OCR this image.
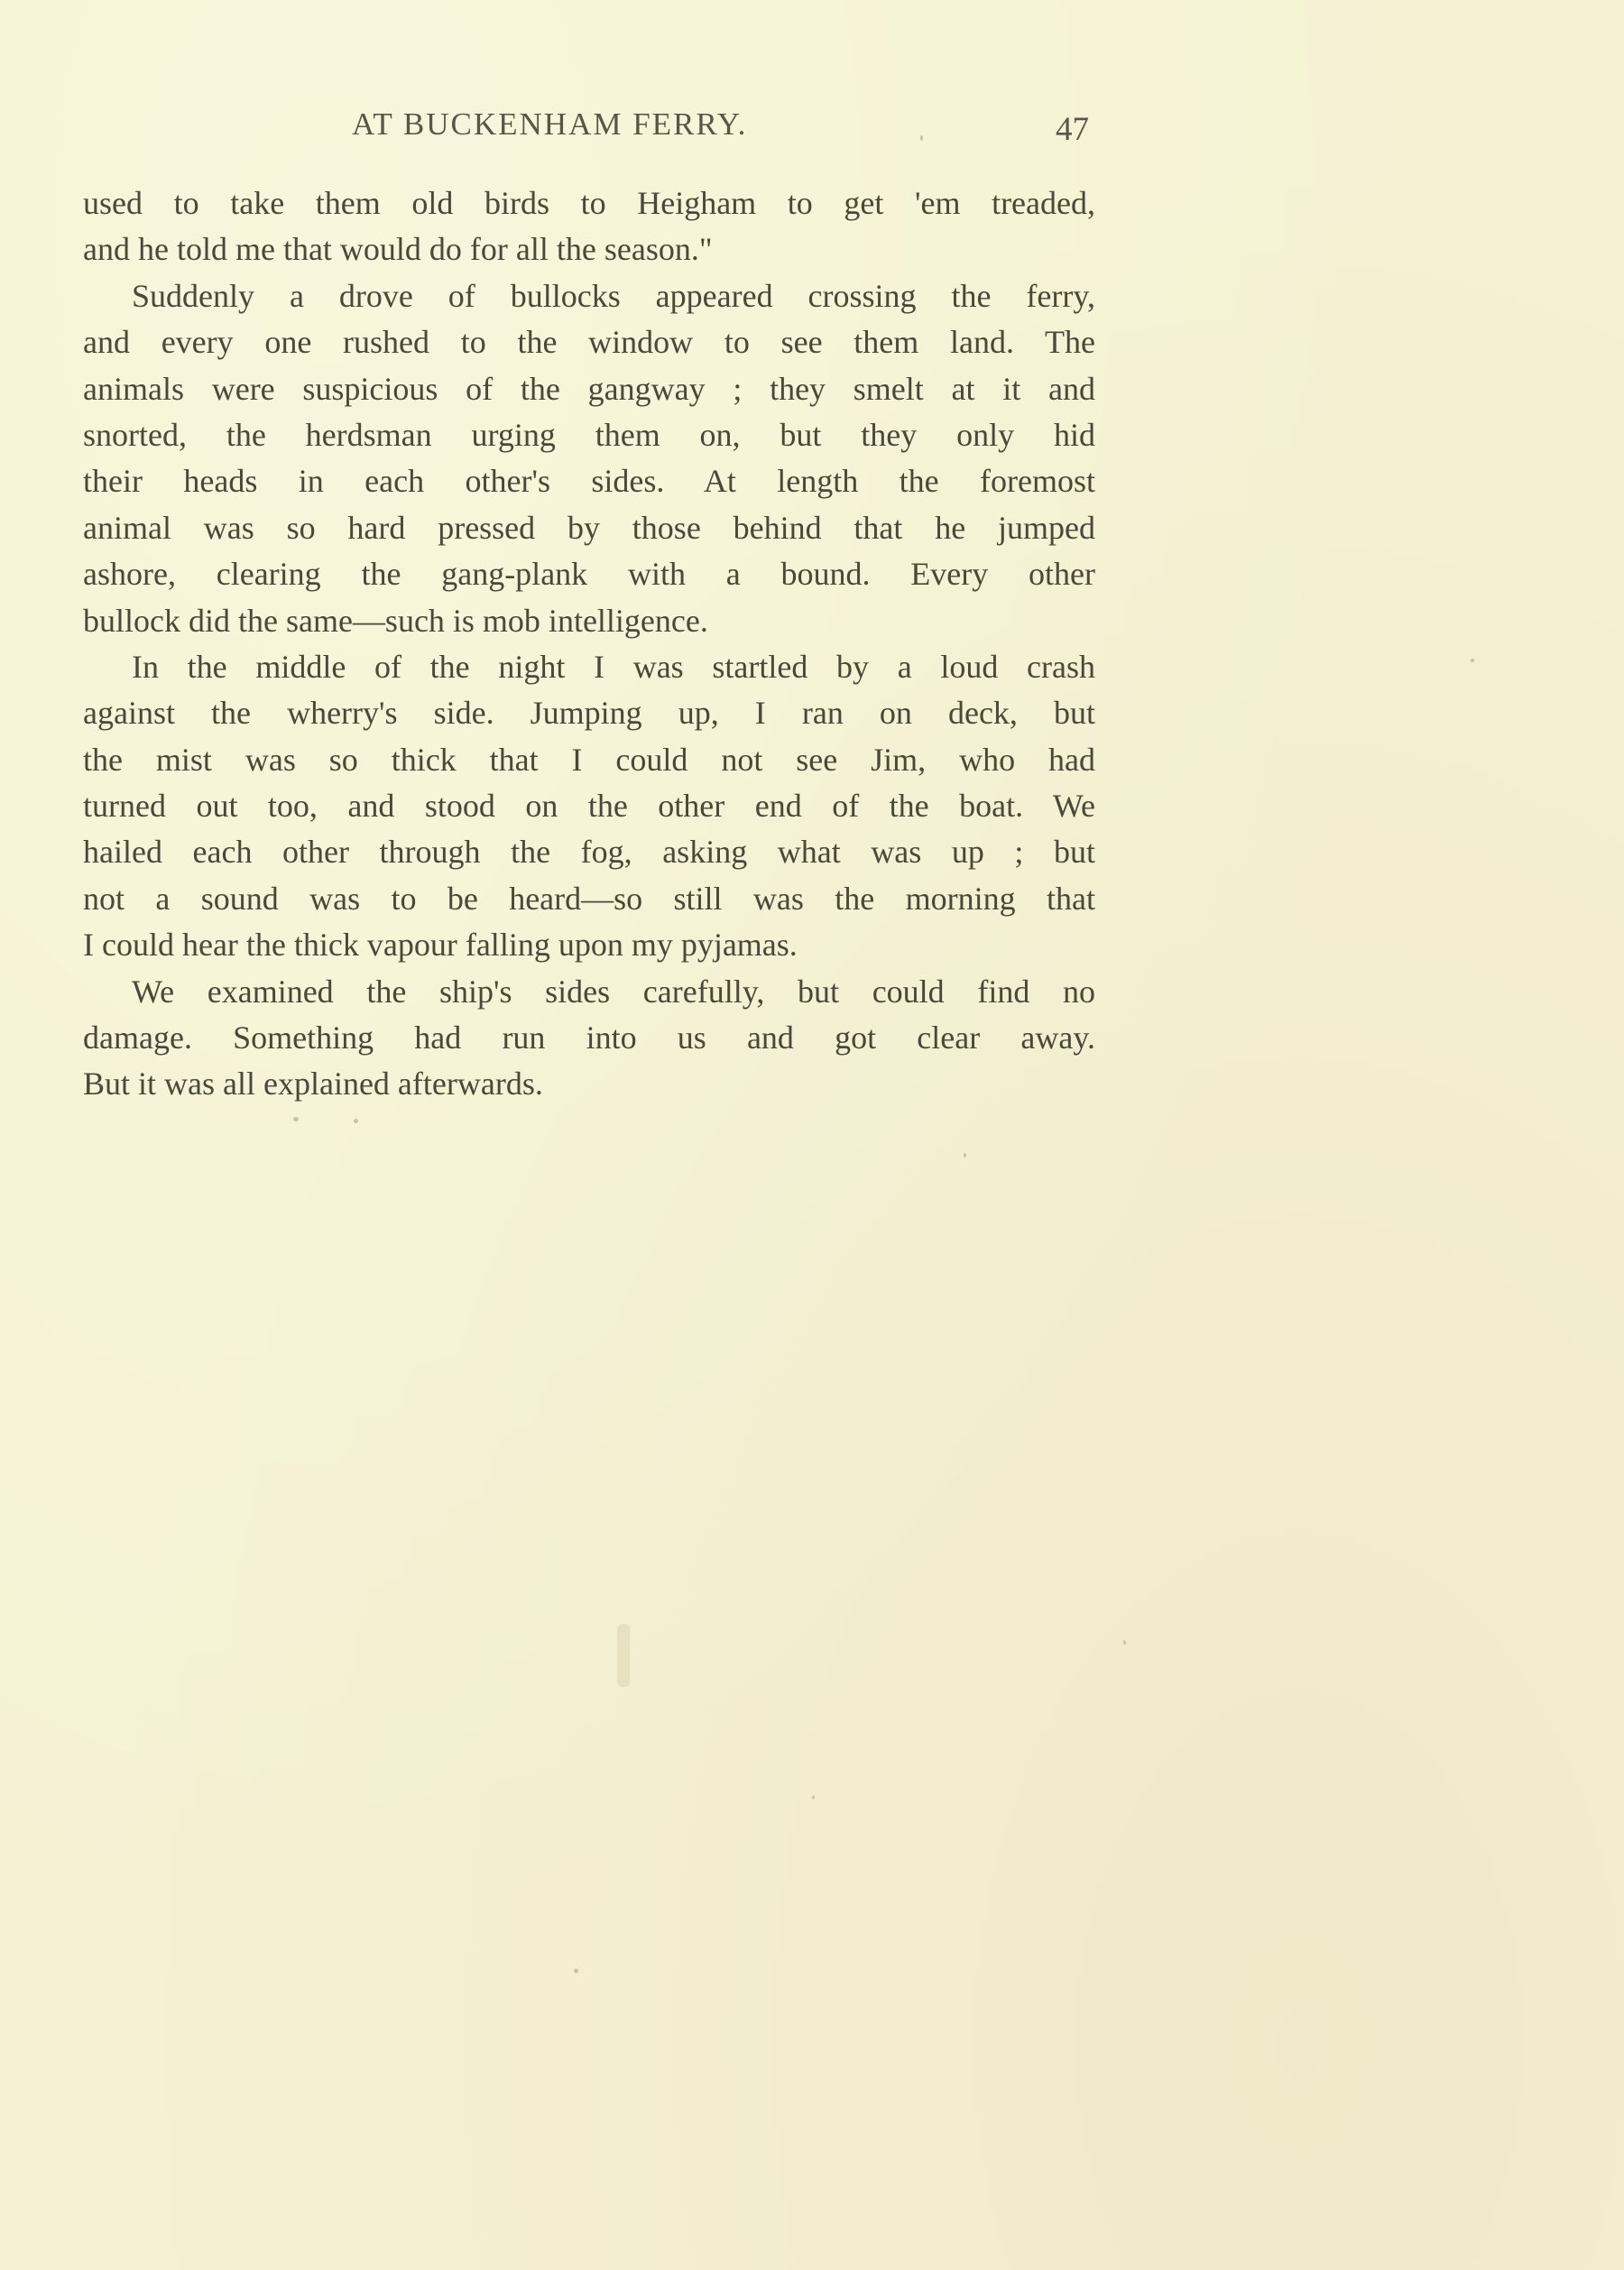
AT BUCKENHAM FERRY.	47
used to take them old birds to Heigham to get 'em treaded,
and he told me that would do for all the season."
Suddenly a drove of bullocks appeared crossing the ferry,
and every one rushed to the window to see them land. The
animals were suspicious of the gangway ; they smelt at it and
snorted, the herdsman urging them on, but they only hid
their heads in each other's sides. At length the foremost
animal was so hard pressed by those behind that he jumped
ashore, clearing the gang-plank with a bound. Every other
bullock did the same—such is mob intelligence.
In the middle of the night I was startled by a loud crash
against the wherry's side. Jumping up, I ran on deck, but
the mist was so thick that I could not see Jim, who had
turned out too, and stood on the other end of the boat. We
hailed each other through the fog, asking what was up ; but
not a sound was to be heard—so still was the morning that
I could hear the thick vapour falling upon my pyjamas.
We examined the ship's sides carefully, but could find no
damage. Something had run into us and got clear away.
But it was all explained afterwards.
